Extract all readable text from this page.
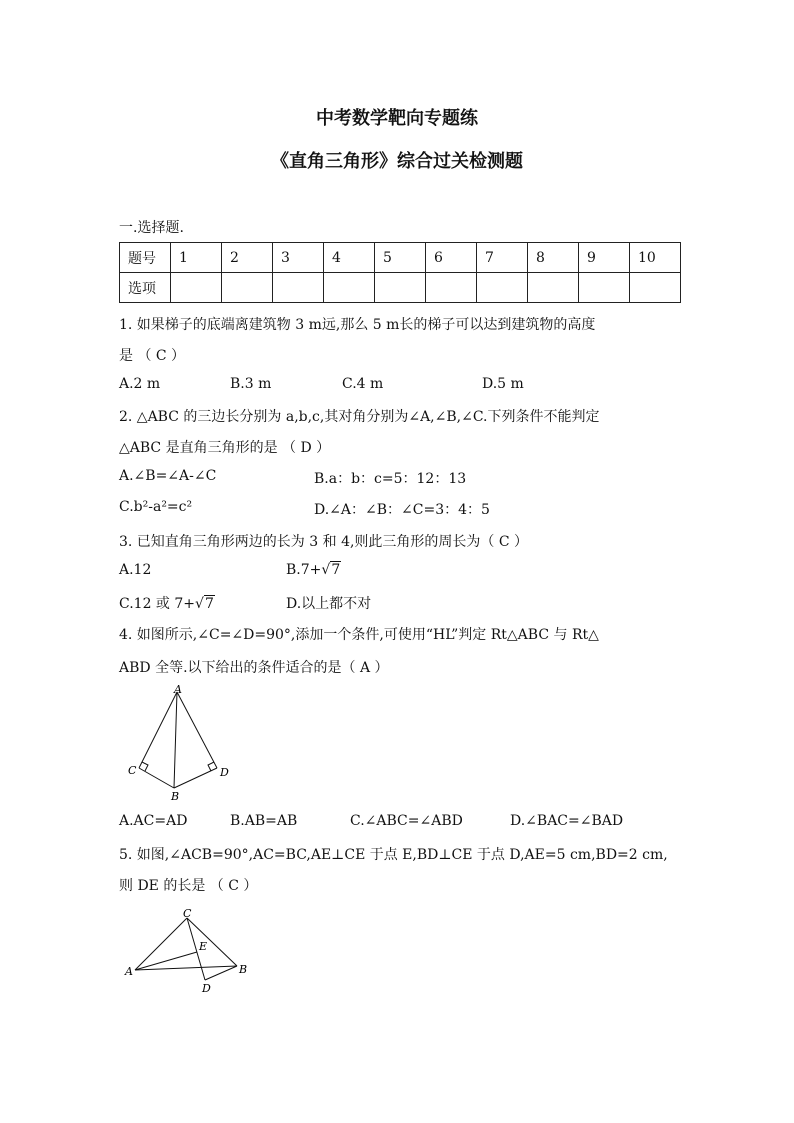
中考数学靶向专题练
《直角三角形》综合过关检测题
一.选择题.
题号	1	2	3	4	5	6	7	8	9	10
选项										
1. 如果梯子的底端离建筑物 3 m远,那么 5 m长的梯子可以达到建筑物的高度
是 （ C ）
A.2 m	B.3 m	C.4 m	D.5 m
2. △ABC 的三边长分别为 a,b,c,其对角分别为∠A,∠B,∠C.下列条件不能判定
△ABC 是直角三角形的是 （ D ）
A.∠B=∠A-∠C	B.a：b：c=5：12：13
C.b²-a²=c²	D.∠A：∠B：∠C=3：4：5
3. 已知直角三角形两边的长为 3 和 4,则此三角形的周长为（ C ）
A.12	B.7+√7
C.12 或 7+√7	D.以上都不对
4. 如图所示,∠C=∠D=90°,添加一个条件,可使用“HL”判定 Rt△ABC 与 Rt△
ABD 全等.以下给出的条件适合的是（ A ）
A
C	D
B
A.AC=AD	B.AB=AB	C.∠ABC=∠ABD	D.∠BAC=∠BAD
5. 如图,∠ACB=90°,AC=BC,AE⊥CE 于点 E,BD⊥CE 于点 D,AE=5 cm,BD=2 cm,
则 DE 的长是 （ C ）
C
E
A	B
D
